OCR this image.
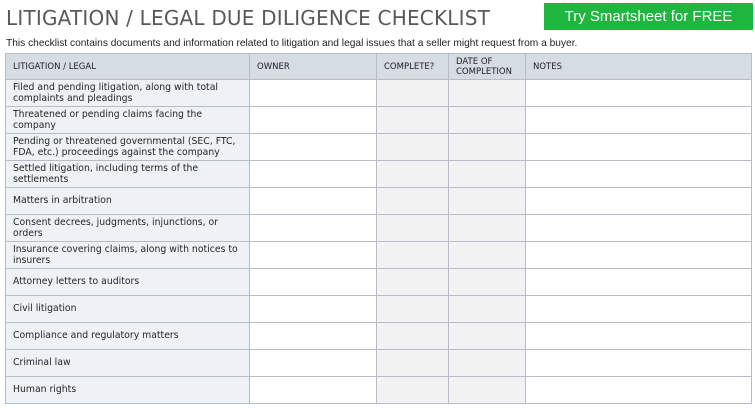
LITIGATION / LEGAL DUE DILIGENCE CHECKLIST	Try Smartsheet for FREE
This checklist contains documents and information related to litigation and legal issues that a seller might request from a buyer.
LITIGATION / LEGAL	OWNER	COMPLETE?	DATE OF COMPLETION	NOTES
Filed and pending litigation, along with total complaints and pleadings				
Threatened or pending claims facing the company				
Pending or threatened governmental (SEC, FTC, FDA, etc.) proceedings against the company				
Settled litigation, including terms of the settlements				
Matters in arbitration				
Consent decrees, judgments, injunctions, or orders				
Insurance covering claims, along with notices to insurers				
Attorney letters to auditors				
Civil litigation				
Compliance and regulatory matters				
Criminal law				
Human rights				
